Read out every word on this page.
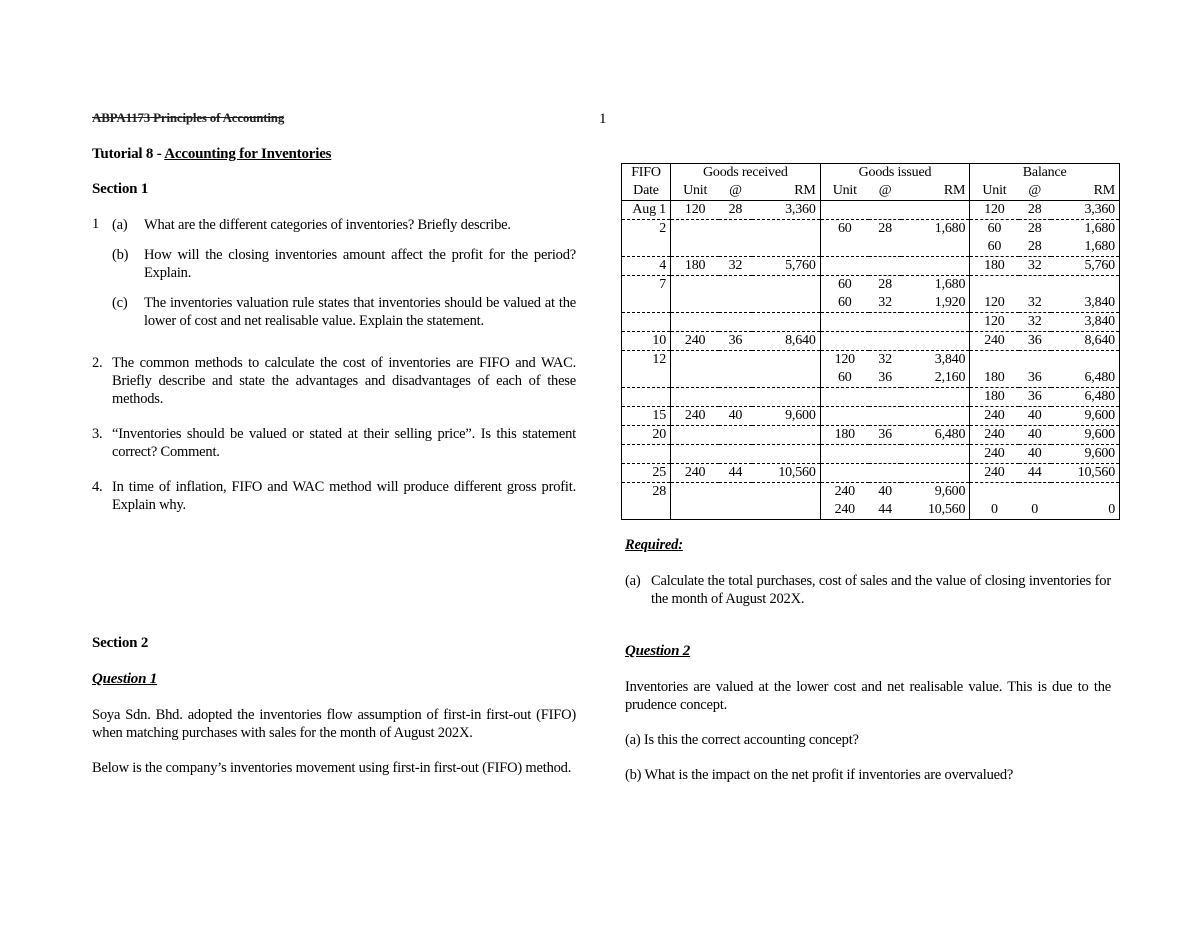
ABPA1173 Principles of Accounting	1
Tutorial 8 - Accounting for Inventories
Section 1
1 (a)	What are the different categories of inventories? Briefly describe.
(b)	How will the closing inventories amount affect the profit for the period? Explain.
(c)	The inventories valuation rule states that inventories should be valued at the lower of cost and net realisable value. Explain the statement.
2. The common methods to calculate the cost of inventories are FIFO and WAC. Briefly describe and state the advantages and disadvantages of each of these methods.
3. “Inventories should be valued or stated at their selling price”. Is this statement correct? Comment.
4. In time of inflation, FIFO and WAC method will produce different gross profit. Explain why.
Section 2
Question 1

Soya Sdn. Bhd. adopted the inventories flow assumption of first-in first-out (FIFO) when matching purchases with sales for the month of August 202X.

Below is the company’s inventories movement using first-in first-out (FIFO) method.

FIFO	Goods received			Goods issued			Balance		
Date	Unit	@	RM	Unit	@	RM	Unit	@	RM
Aug 1	120	28	3,360				120	28	3,360
2				60	28	1,680	60	28	1,680
							60	28	1,680
4	180	32	5,760				180	32	5,760
7				60	28	1,680			
				60	32	1,920	120	32	3,840
							120	32	3,840
10	240	36	8,640				240	36	8,640
12				120	32	3,840			
				60	36	2,160	180	36	6,480
							180	36	6,480
15	240	40	9,600				240	40	9,600
20				180	36	6,480	240	40	9,600
							240	40	9,600
25	240	44	10,560				240	44	10,560
28				240	40	9,600			
				240	44	10,560	0	0	0
Required:
(a) Calculate the total purchases, cost of sales and the value of closing inventories for the month of August 202X.
Question 2

Inventories are valued at the lower cost and net realisable value. This is due to the prudence concept.

(a) Is this the correct accounting concept?

(b) What is the impact on the net profit if inventories are overvalued?
